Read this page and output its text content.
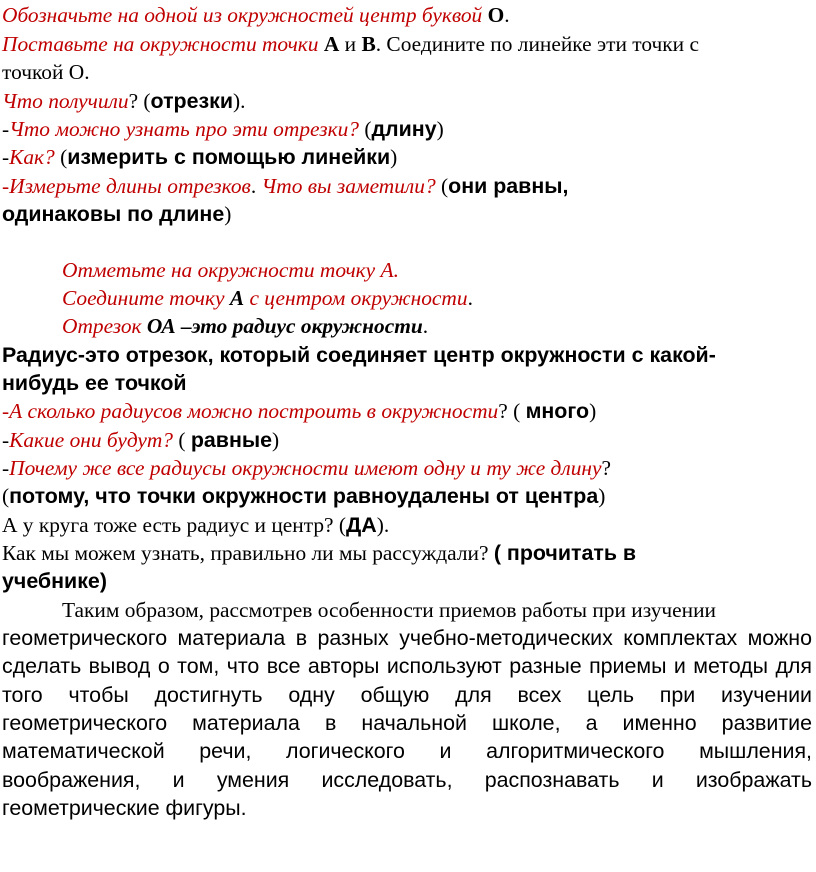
Обозначьте на одной из окружностей центр буквой О.
Поставьте на окружности точки А и В. Соедините по линейке эти точки с
точкой О.
Что получили? (отрезки).
-Что можно узнать про эти отрезки? (длину)
-Как? (измерить с помощью линейки)
-Измерьте длины отрезков. Что вы заметили? (они равны,
одинаковы по длине)
Отметьте на окружности точку А.
Соедините точку А с центром окружности.
Отрезок ОА –это радиус окружности.
Радиус-это отрезок, который соединяет центр окружности с какой-
нибудь ее точкой
-А сколько радиусов можно построить в окружности? ( много)
-Какие они будут? ( равные)
-Почему же все радиусы окружности имеют одну и ту же длину?
(потому, что точки окружности равноудалены от центра)
А у круга тоже есть радиус и центр? (ДА).
Как мы можем узнать, правильно ли мы рассуждали? ( прочитать в
учебнике)
Таким образом, рассмотрев особенности приемов работы при изучении
геометрического материала в разных учебно-методических комплектах можно
сделать вывод о том, что все авторы используют разные приемы и методы для
того чтобы достигнуть одну общую для всех цель при изучении
геометрического материала в начальной школе, а именно развитие
математической речи, логического и алгоритмического мышления,
воображения, и умения исследовать, распознавать и изображать
геометрические фигуры.
